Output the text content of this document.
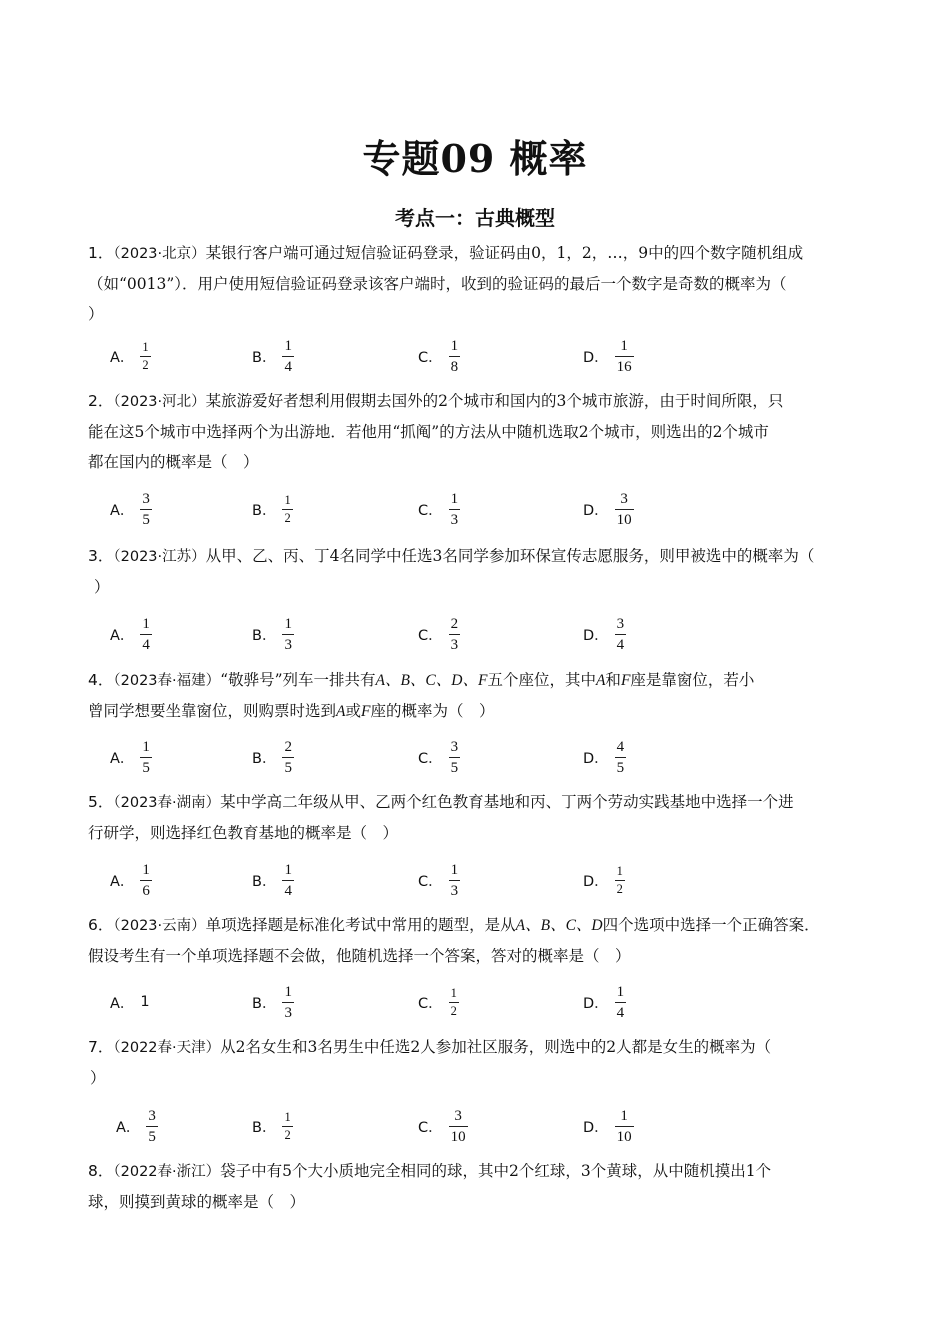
专题09 概率
考点一：古典概型
1．（2023·北京）某银行客户端可通过短信验证码登录，验证码由0，1，2，…，9中的四个数字随机组成
（如“0013”）．用户使用短信验证码登录该客户端时，收到的验证码的最后一个数字是奇数的概率为（
）
A． $\frac{1}{2}$	B． $\frac{1}{4}$	C． $\frac{1}{8}$	D． $\frac{1}{16}$
2．（2023·河北）某旅游爱好者想利用假期去国外的2个城市和国内的3个城市旅游，由于时间所限，只
能在这5个城市中选择两个为出游地．若他用“抓阄”的方法从中随机选取2个城市，则选出的2个城市
都在国内的概率是（　）
A． $\frac{3}{5}$	B． $\frac{1}{2}$	C． $\frac{1}{3}$	D． $\frac{3}{10}$
3．（2023·江苏）从甲、乙、丙、丁4名同学中任选3名同学参加环保宣传志愿服务，则甲被选中的概率为（
）
A． $\frac{1}{4}$	B． $\frac{1}{3}$	C． $\frac{2}{3}$	D． $\frac{3}{4}$
4．（2023春·福建）“敬骅号”列车一排共有A、B、C、D、F五个座位，其中A和F座是靠窗位，若小
曾同学想要坐靠窗位，则购票时选到A或F座的概率为（　）
A． $\frac{1}{5}$	B． $\frac{2}{5}$	C． $\frac{3}{5}$	D． $\frac{4}{5}$
5．（2023春·湖南）某中学高二年级从甲、乙两个红色教育基地和丙、丁两个劳动实践基地中选择一个进
行研学，则选择红色教育基地的概率是（　）
A． $\frac{1}{6}$	B． $\frac{1}{4}$	C． $\frac{1}{3}$	D． $\frac{1}{2}$
6．（2023·云南）单项选择题是标准化考试中常用的题型，是从A、B、C、D四个选项中选择一个正确答案．
假设考生有一个单项选择题不会做，他随机选择一个答案，答对的概率是（　）
A． 1	B． $\frac{1}{3}$	C． $\frac{1}{2}$	D． $\frac{1}{4}$
7．（2022春·天津）从2名女生和3名男生中任选2人参加社区服务，则选中的2人都是女生的概率为（
）
A． $\frac{3}{5}$	B． $\frac{1}{2}$	C． $\frac{3}{10}$	D． $\frac{1}{10}$
8．（2022春·浙江）袋子中有5个大小质地完全相同的球，其中2个红球，3个黄球，从中随机摸出1个
球，则摸到黄球的概率是（　）
